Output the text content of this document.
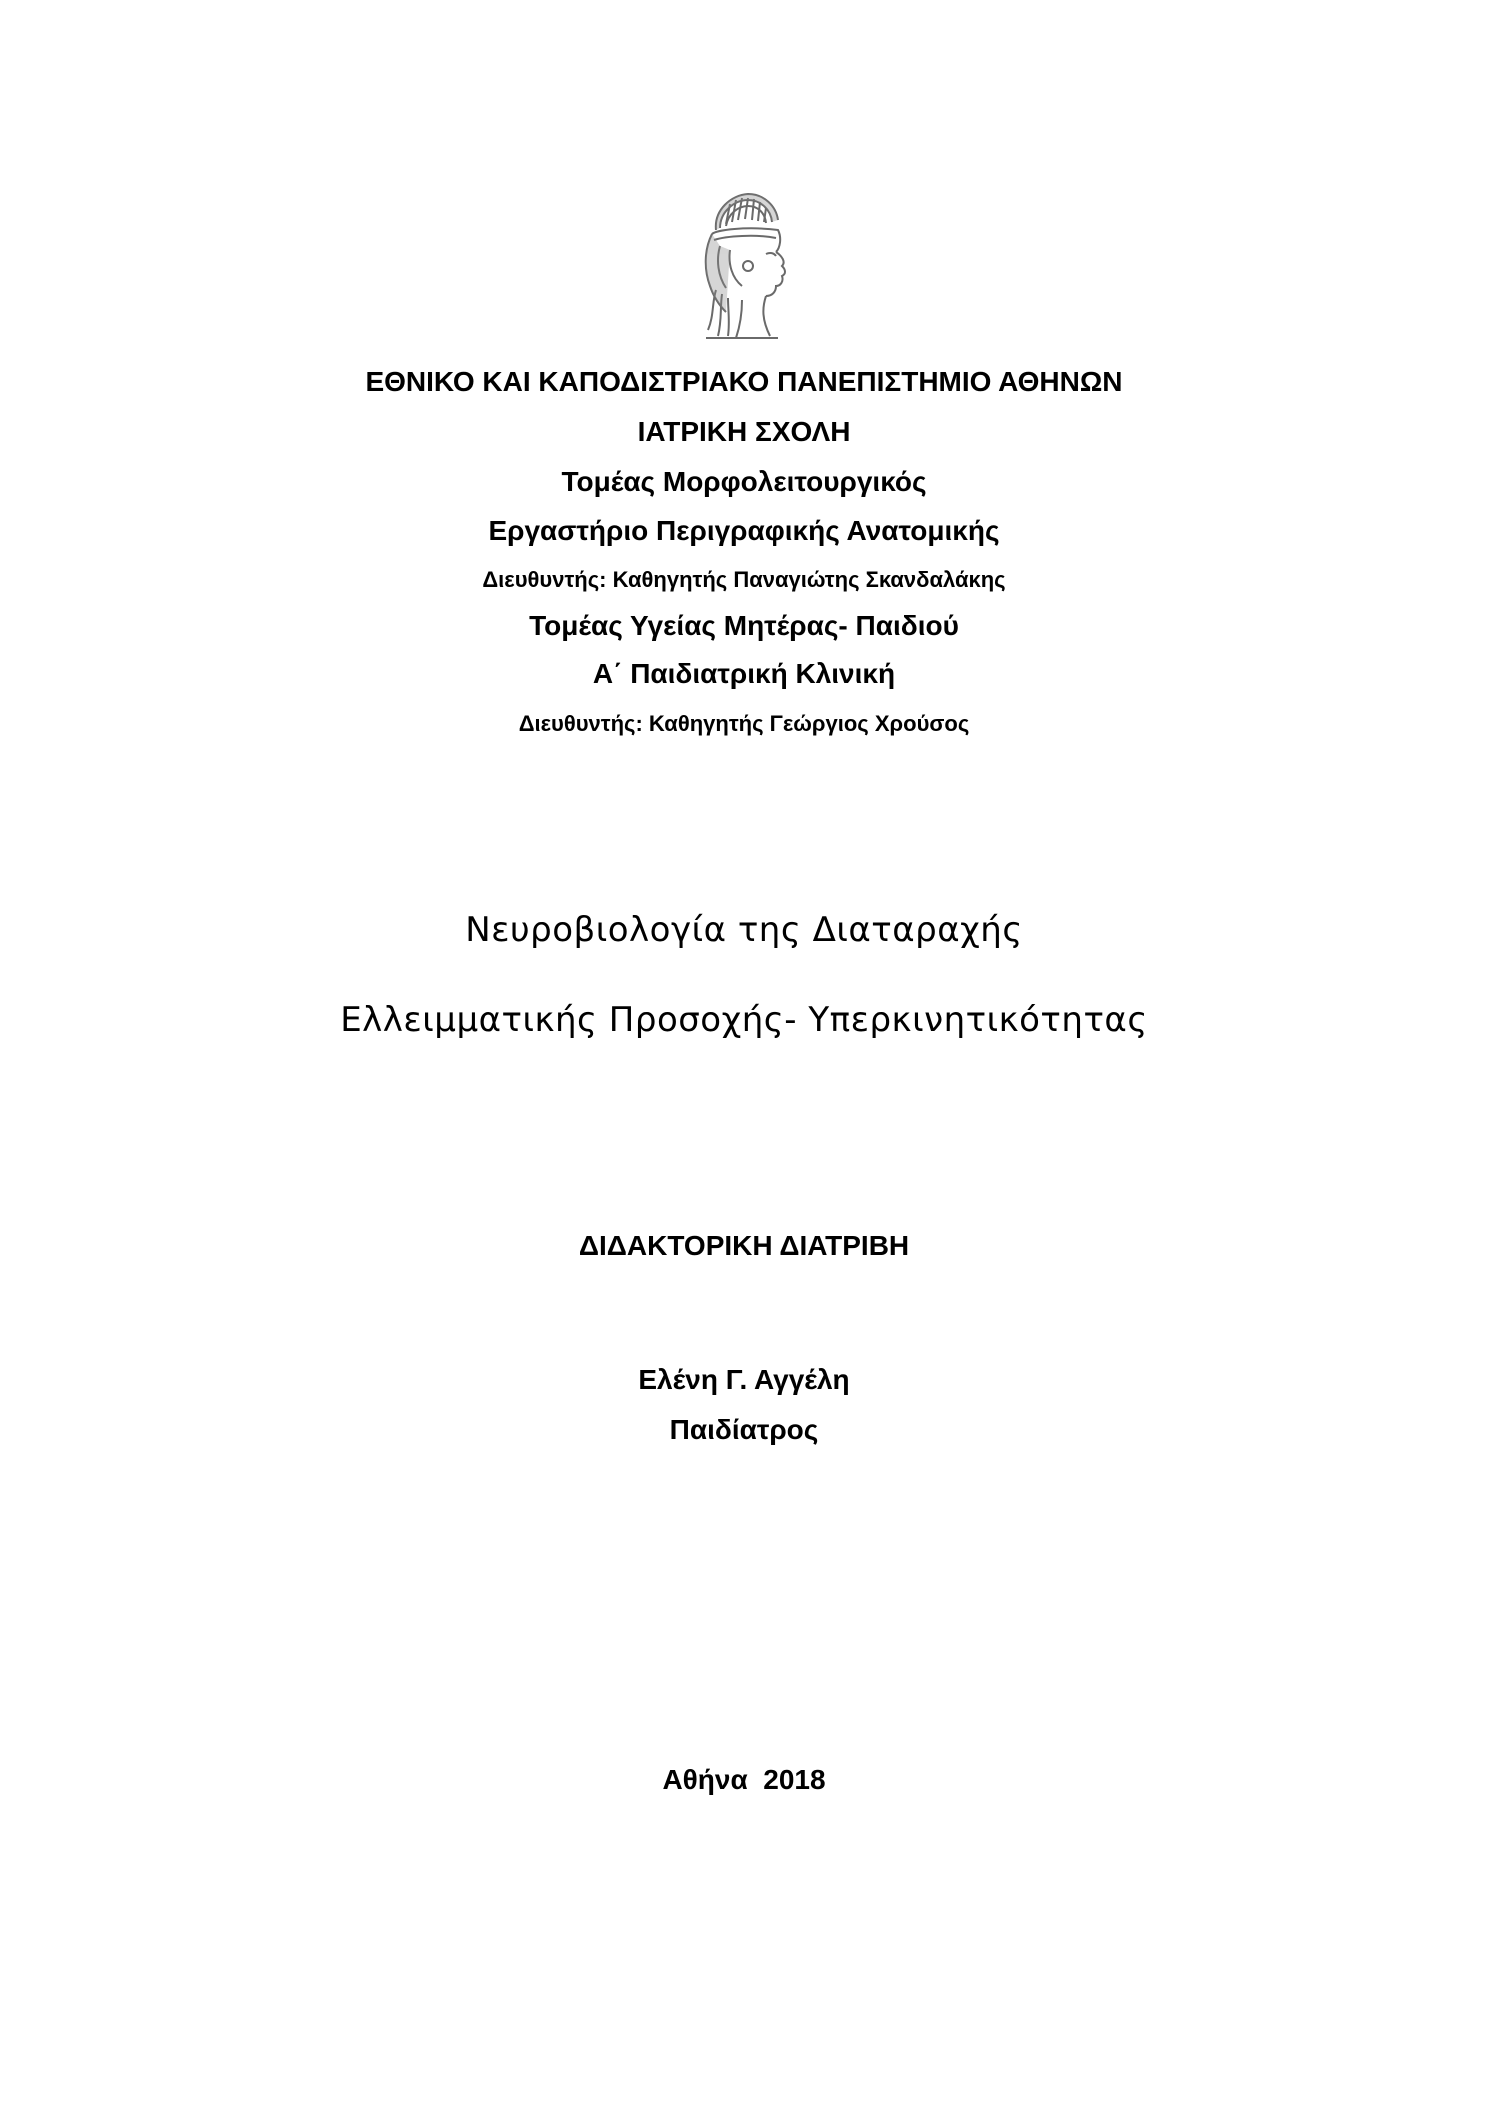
ΕΘΝΙΚΟ ΚΑΙ ΚΑΠΟΔΙΣΤΡΙΑΚΟ ΠΑΝΕΠΙΣΤΗΜΙΟ ΑΘΗΝΩΝ
ΙΑΤΡΙΚΗ ΣΧΟΛΗ
Τομέας Μορφολειτουργικός
Εργαστήριο Περιγραφικής Ανατομικής
Διευθυντής: Καθηγητής Παναγιώτης Σκανδαλάκης
Τομέας Υγείας Μητέρας- Παιδιού
Α΄ Παιδιατρική Κλινική
Διευθυντής: Καθηγητής Γεώργιος Χρούσος
Νευροβιολογία της Διαταραχής
Ελλειμματικής Προσοχής- Υπερκινητικότητας
ΔΙΔΑΚΤΟΡΙΚΗ ΔΙΑΤΡΙΒΗ
Ελένη Γ. Αγγέλη
Παιδίατρος
Αθήνα  2018
